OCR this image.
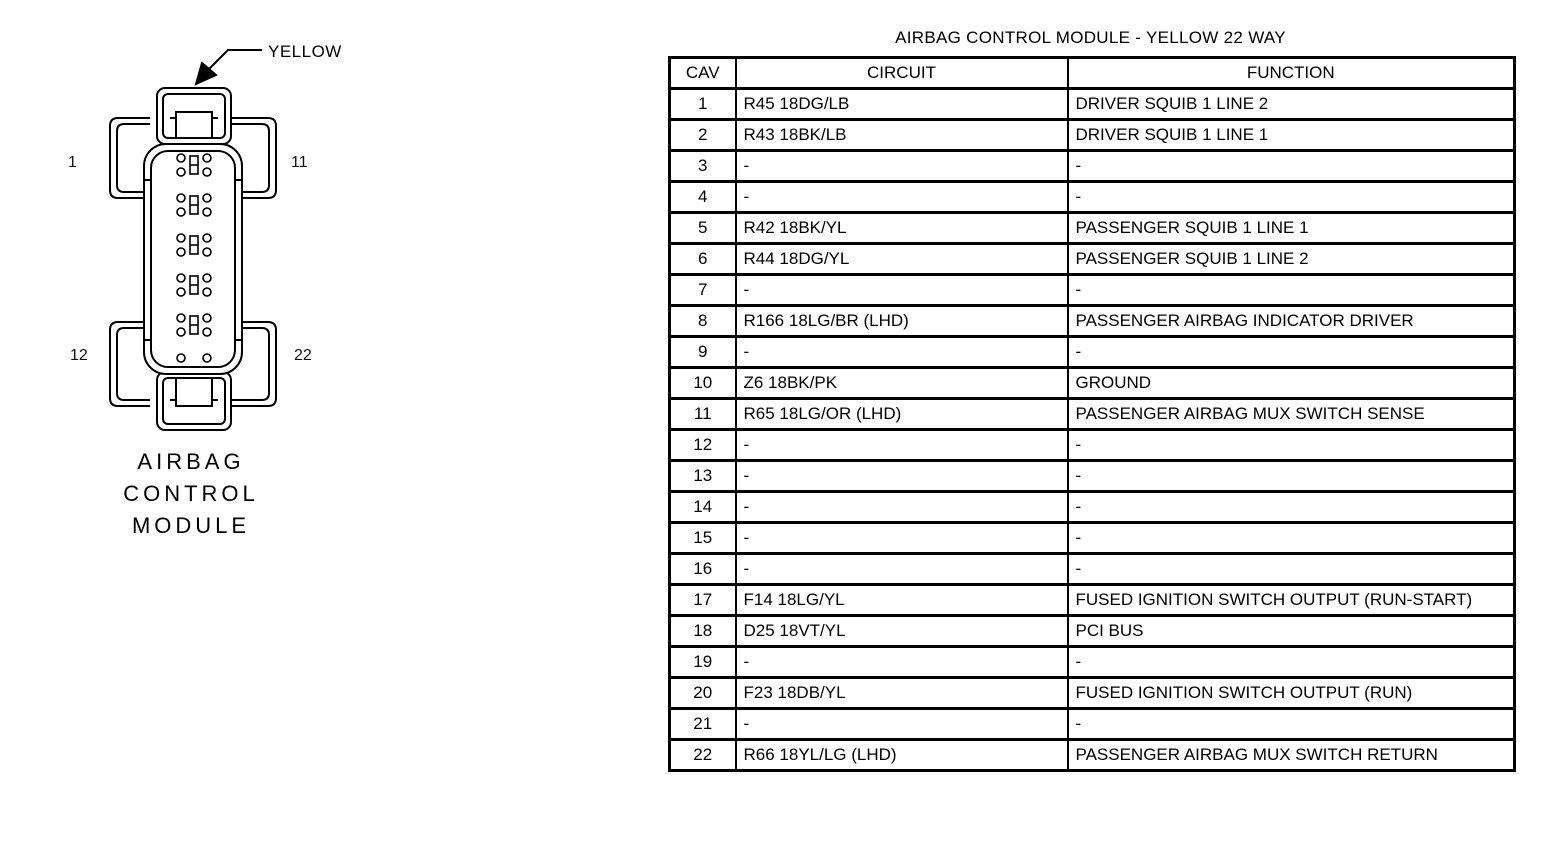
YELLOW
1	11
12	22
AIRBAG
CONTROL
MODULE
AIRBAG CONTROL MODULE - YELLOW 22 WAY
CAV	CIRCUIT	FUNCTION
1	R45 18DG/LB	DRIVER SQUIB 1 LINE 2
2	R43 18BK/LB	DRIVER SQUIB 1 LINE 1
3	-	-
4	-	-
5	R42 18BK/YL	PASSENGER SQUIB 1 LINE 1
6	R44 18DG/YL	PASSENGER SQUIB 1 LINE 2
7	-	-
8	R166 18LG/BR (LHD)	PASSENGER AIRBAG INDICATOR DRIVER
9	-	-
10	Z6 18BK/PK	GROUND
11	R65 18LG/OR (LHD)	PASSENGER AIRBAG MUX SWITCH SENSE
12	-	-
13	-	-
14	-	-
15	-	-
16	-	-
17	F14 18LG/YL	FUSED IGNITION SWITCH OUTPUT (RUN-START)
18	D25 18VT/YL	PCI BUS
19	-	-
20	F23 18DB/YL	FUSED IGNITION SWITCH OUTPUT (RUN)
21	-	-
22	R66 18YL/LG (LHD)	PASSENGER AIRBAG MUX SWITCH RETURN
